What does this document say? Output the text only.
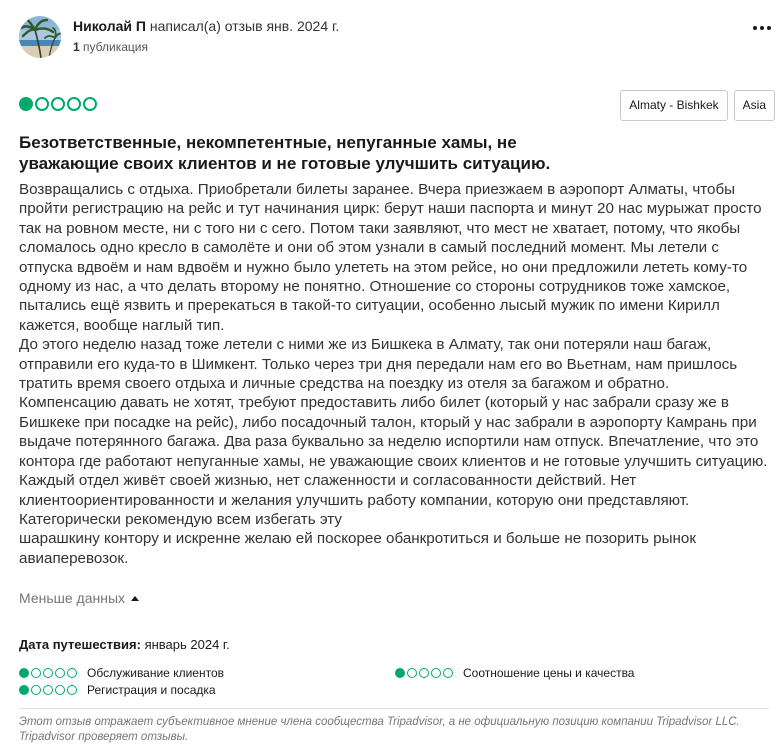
Николай П написал(а) отзыв янв. 2024 г.
1 публикация
Almaty - Bishkek	Asia
Безответственные, некомпетентные, непуганные хамы, не уважающие своих клиентов и не готовые улучшить ситуацию.

Возвращались с отдыха. Приобретали билеты заранее. Вчера приезжаем в аэропорт Алматы, чтобы пройти регистрацию на рейс и тут начинания цирк: берут наши паспорта и минут 20 нас мурыжат просто так на ровном месте, ни с того ни с сего. Потом таки заявляют, что мест не хватает, потому, что якобы сломалось одно кресло в самолёте и они об этом узнали в самый последний момент. Мы летели с отпуска вдвоём и нам вдвоём и нужно было улететь на этом рейсе, но они предложили лететь кому-то одному из нас, а что делать второму не понятно. Отношение со стороны сотрудников тоже хамское, пытались ещё язвить и пререкаться в такой-то ситуации, особенно лысый мужик по имени Кирилл кажется, вообще наглый тип.

До этого неделю назад тоже летели с ними же из Бишкека в Алмату, так они потеряли наш багаж, отправили его куда-то в Шимкент. Только через три дня передали нам его во Вьетнам, нам пришлось тратить время своего отдыха и личные средства на поездку из отеля за багажом и обратно. Компенсацию давать не хотят, требуют предоставить либо билет (который у нас забрали сразу же в Бишкеке при посадке на рейс), либо посадочный талон, кторый у нас забрали в аэропорту Камрань при выдаче потерянного багажа. Два раза буквально за неделю испортили нам отпуск. Впечатление, что это контора где работают непуганные хамы, не уважающие своих клиентов и не готовые улучшить ситуацию. Каждый отдел живёт своей жизнью, нет слаженности и согласованности действий. Нет клиентоориентированности и желания улучшить работу компании, которую они представляют. Категорически рекомендую всем избегать эту

шарашкину контору и искренне желаю ей поскорее обанкротиться и больше не позорить рынок авиаперевозок.

Меньше данных
Дата путешествия: январь 2024 г.
Обслуживание клиентов	Соотношение цены и качества
Регистрация и посадка
Этот отзыв отражает субъективное мнение члена сообщества Tripadvisor, а не официальную позицию компании Tripadvisor LLC. Tripadvisor проверяет отзывы.
